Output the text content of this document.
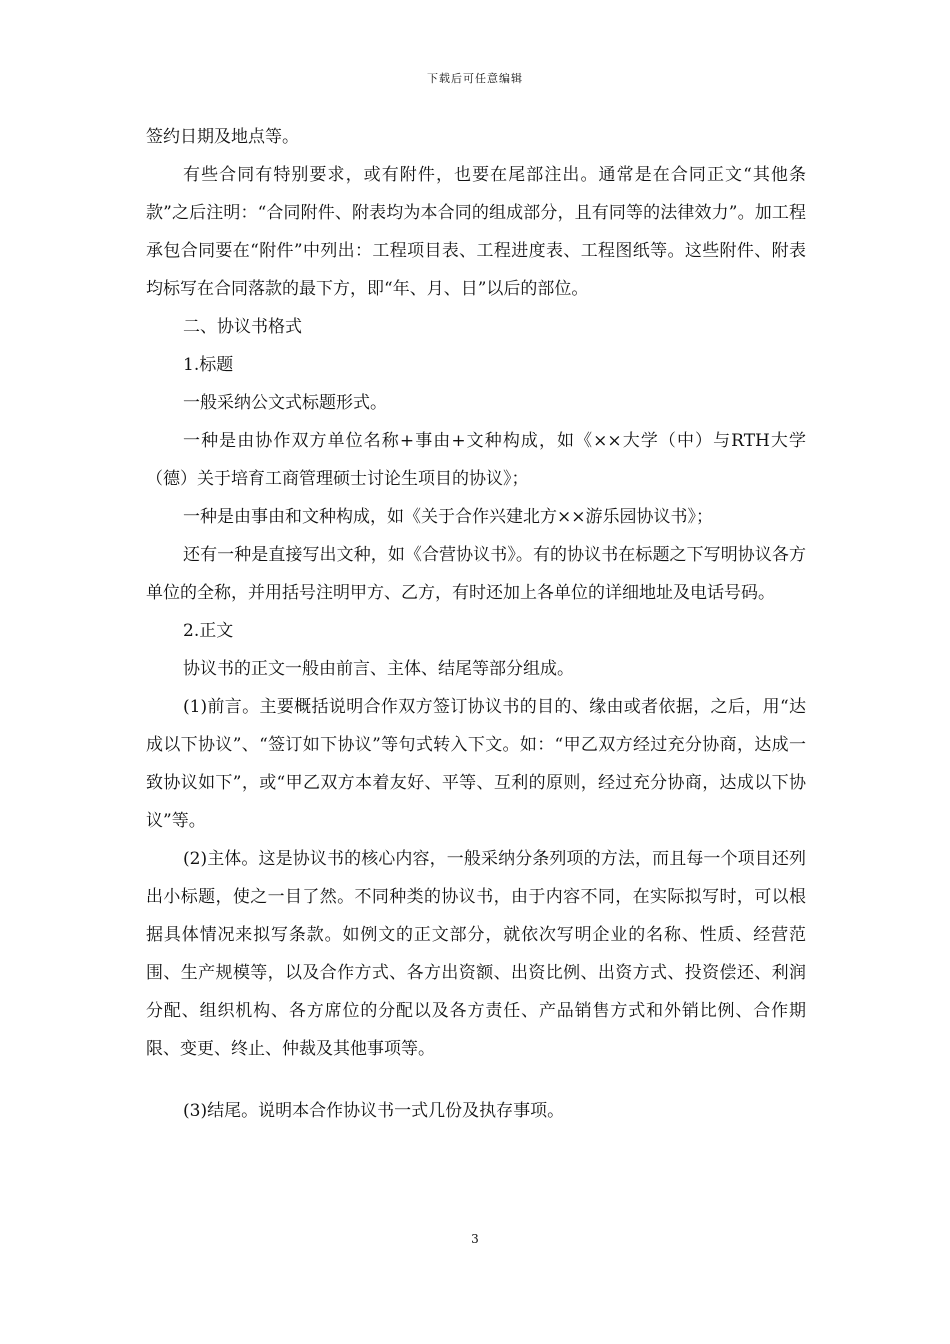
下载后可任意编辑

签约日期及地点等。

有些合同有特别要求，或有附件，也要在尾部注出。通常是在合同正文“其他条款”之后注明：“合同附件、附表均为本合同的组成部分，且有同等的法律效力”。加工程承包合同要在“附件”中列出：工程项目表、工程进度表、工程图纸等。这些附件、附表均标写在合同落款的最下方，即“年、月、日”以后的部位。

二、协议书格式

1.标题

一般采纳公文式标题形式。

一种是由协作双方单位名称+事由+文种构成，如《××大学（中）与RTH大学（德）关于培育工商管理硕士讨论生项目的协议》；

一种是由事由和文种构成，如《关于合作兴建北方××游乐园协议书》；

还有一种是直接写出文种，如《合营协议书》。有的协议书在标题之下写明协议各方单位的全称，并用括号注明甲方、乙方，有时还加上各单位的详细地址及电话号码。

2.正文

协议书的正文一般由前言、主体、结尾等部分组成。

(1)前言。主要概括说明合作双方签订协议书的目的、缘由或者依据，之后，用“达成以下协议”、“签订如下协议”等句式转入下文。如：“甲乙双方经过充分协商，达成一致协议如下”，或“甲乙双方本着友好、平等、互利的原则，经过充分协商，达成以下协议”等。

(2)主体。这是协议书的核心内容，一般采纳分条列项的方法，而且每一个项目还列出小标题，使之一目了然。不同种类的协议书，由于内容不同，在实际拟写时，可以根据具体情况来拟写条款。如例文的正文部分，就依次写明企业的名称、性质、经营范围、生产规模等，以及合作方式、各方出资额、出资比例、出资方式、投资偿还、利润分配、组织机构、各方席位的分配以及各方责任、产品销售方式和外销比例、合作期限、变更、终止、仲裁及其他事项等。

(3)结尾。说明本合作协议书一式几份及执存事项。

3
